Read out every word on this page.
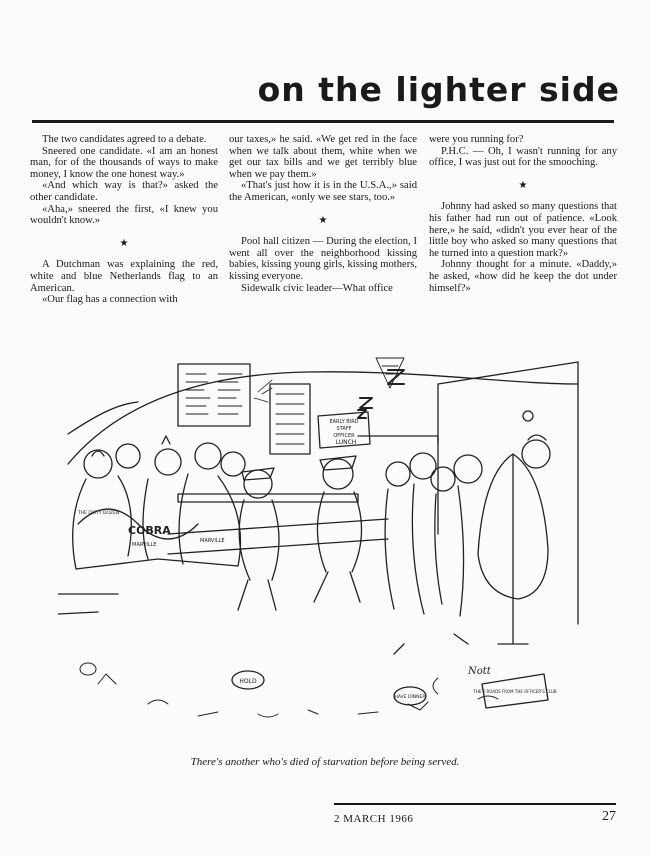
on the lighter side

The two candidates agreed to a debate.

Sneered one candidate. «I am an honest man, for of the thousands of ways to make money, I know the one honest way.»

«And which way is that?» asked the other candidate.

«Aha,» sneered the first, «I knew you wouldn't know.»

★

A Dutchman was explaining the red, white and blue Netherlands flag to an American.

«Our flag has a connection with

our taxes,» he said. «We get red in the face when we talk about them, white when we get our tax bills and we get terribly blue when we pay them.»

«That's just how it is in the U.S.A.,» said the American, «only we see stars, too.»

★

Pool hall citizen — During the election, I went all over the neighborhood kissing babies, kissing young girls, kissing mothers, kissing everyone.

Sidewalk civic leader—What office

were you running for?

P.H.C. — Oh, I wasn't running for any office, I was just out for the smooching.

★

Johnny had asked so many questions that his father had run out of patience. «Look here,» he said, «didn't you ever hear of the little boy who asked so many questions that he turned into a question mark?»

Johnny thought for a minute. «Daddy,» he asked, «how did he keep the dot under himself?»

EARLY BIRD
STAFF
OFFICER
LUNCH
COBRA
MARVILLE
MARVILLE
THE DIRTY DOZEN
HOLD
HAVE DINNER
THE 2 ROADS FROM THE OFFICER'S CLUB
Nott
There's another who's died of starvation before being served.
2 MARCH 1966	27
